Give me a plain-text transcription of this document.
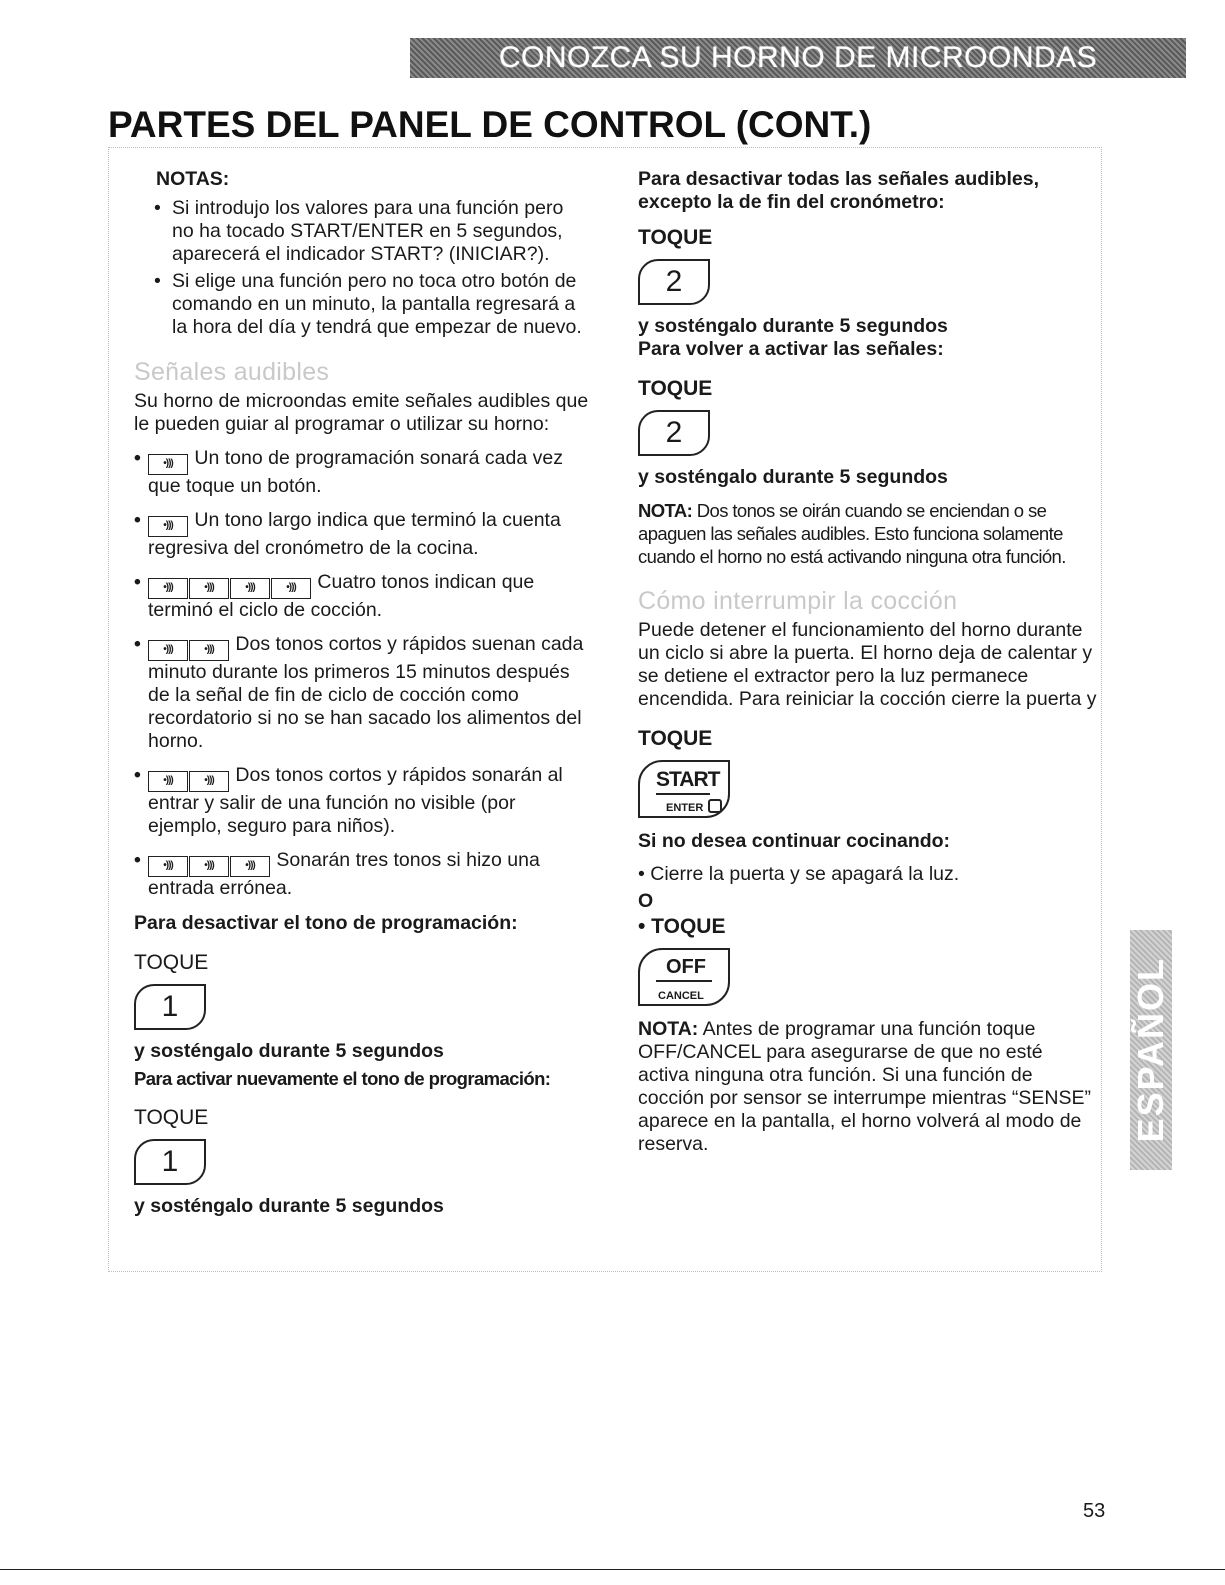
CONOZCA SU HORNO DE MICROONDAS
PARTES DEL PANEL DE CONTROL (CONT.)

NOTAS:

• Si introdujo los valores para una función pero no ha tocado START/ENTER en 5 segundos, aparecerá el indicador START? (INICIAR?).
• Si elige una función pero no toca otro botón de comando en un minuto, la pantalla regresará a la hora del día y tendrá que empezar de nuevo.

Señales audibles

Su horno de microondas emite señales audibles que le pueden guiar al programar o utilizar su horno:

• •))) Un tono de programación sonará cada vez que toque un botón.
• •))) Un tono largo indica que terminó la cuenta regresiva del cronómetro de la cocina.
• •)))	•)))	•)))	•))) Cuatro tonos indican que terminó el ciclo de cocción.
• •)))	•))) Dos tonos cortos y rápidos suenan cada minuto durante los primeros 15 minutos después de la señal de fin de ciclo de cocción como recordatorio si no se han sacado los alimentos del horno.
• •)))	•))) Dos tonos cortos y rápidos sonarán al entrar y salir de una función no visible (por ejemplo, seguro para niños).
• •)))	•)))	•))) Sonarán tres tonos si hizo una entrada errónea.

Para desactivar el tono de programación:

TOQUE

1

y sosténgalo durante 5 segundos

Para activar nuevamente el tono de programación:

TOQUE

1

y sosténgalo durante 5 segundos

Para desactivar todas las señales audibles, excepto la de fin del cronómetro:

TOQUE

2

y sosténgalo durante 5 segundos

Para volver a activar las señales:

TOQUE

2

y sosténgalo durante 5 segundos

NOTA: Dos tonos se oirán cuando se enciendan o se apaguen las señales audibles. Esto funciona solamente cuando el horno no está activando ninguna otra función.

Cómo interrumpir la cocción

Puede detener el funcionamiento del horno durante un ciclo si abre la puerta. El horno deja de calentar y se detiene el extractor pero la luz permanece encendida. Para reiniciar la cocción cierre la puerta y

TOQUE

START
ENTER

Si no desea continuar cocinando:

• Cierre la puerta y se apagará la luz.

O

• TOQUE

OFF
CANCEL

NOTA: Antes de programar una función toque OFF/CANCEL para asegurarse de que no esté activa ninguna otra función. Si una función de cocción por sensor se interrumpe mientras “SENSE” aparece en la pantalla, el horno volverá al modo de reserva.

ESPAÑOL
53
